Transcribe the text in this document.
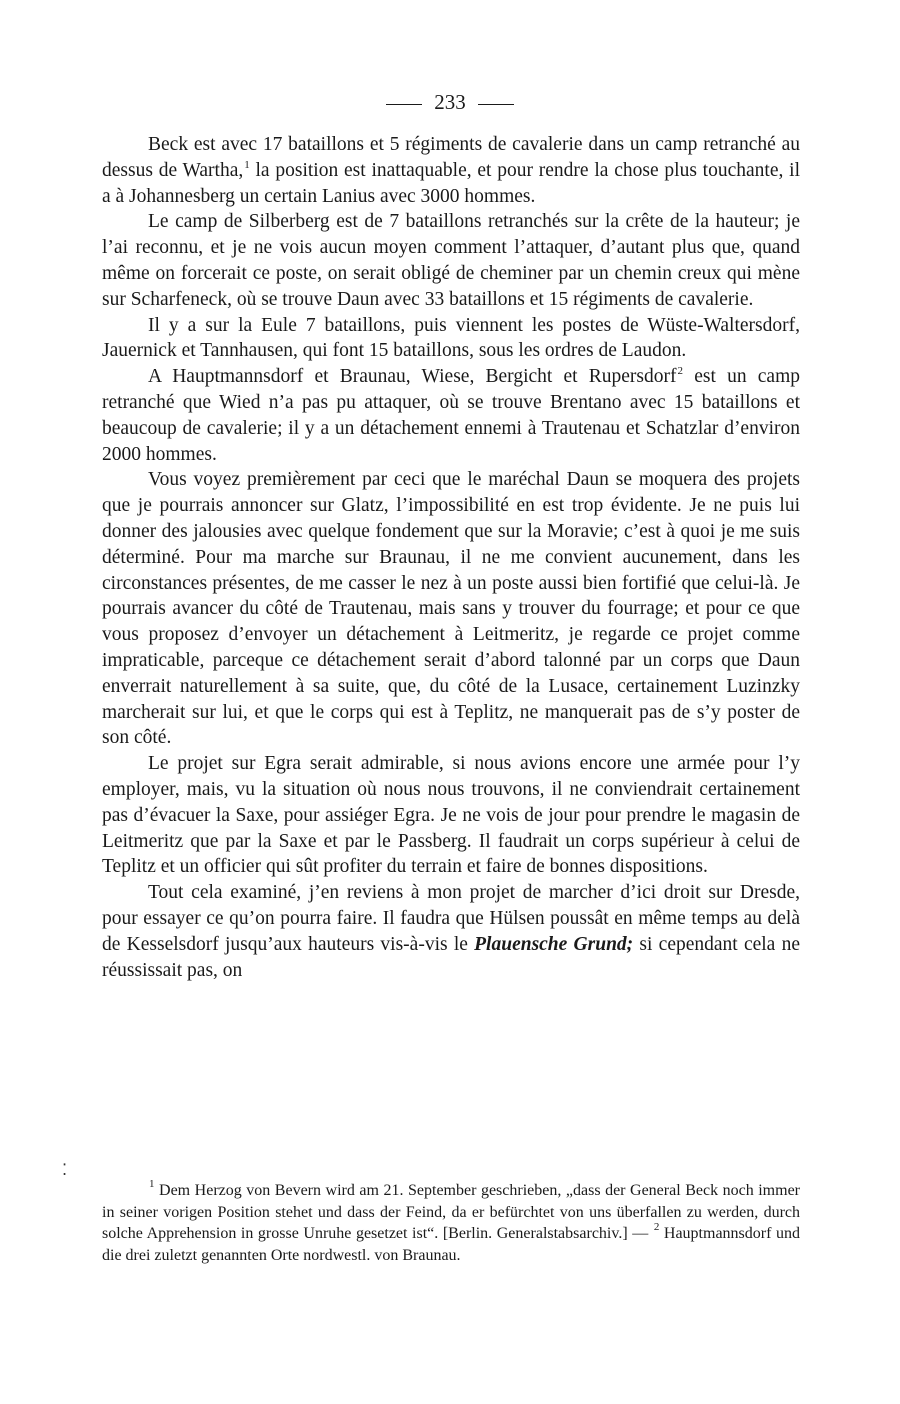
233

Beck est avec 17 bataillons et 5 régiments de cavalerie dans un camp retranché au dessus de Wartha,$^1$ la position est inattaquable, et pour rendre la chose plus touchante, il a à Johannesberg un certain Lanius avec 3000 hommes.

Le camp de Silberberg est de 7 bataillons retranchés sur la crête de la hauteur; je l’ai reconnu, et je ne vois aucun moyen comment l’attaquer, d’autant plus que, quand même on forcerait ce poste, on serait obligé de cheminer par un chemin creux qui mène sur Scharfeneck, où se trouve Daun avec 33 bataillons et 15 régiments de cavalerie.

Il y a sur la Eule 7 bataillons, puis viennent les postes de Wüste-Waltersdorf, Jauernick et Tannhausen, qui font 15 bataillons, sous les ordres de Laudon.

A Hauptmannsdorf et Braunau, Wiese, Bergicht et Rupersdorf$^2$ est un camp retranché que Wied n’a pas pu attaquer, où se trouve Brentano avec 15 bataillons et beaucoup de cavalerie; il y a un détachement ennemi à Trautenau et Schatzlar d’environ 2000 hommes.

Vous voyez premièrement par ceci que le maréchal Daun se moquera des projets que je pourrais annoncer sur Glatz, l’impossibilité en est trop évidente. Je ne puis lui donner des jalousies avec quelque fondement que sur la Moravie; c’est à quoi je me suis déterminé. Pour ma marche sur Braunau, il ne me convient aucunement, dans les circonstances présentes, de me casser le nez à un poste aussi bien fortifié que celui-là. Je pourrais avancer du côté de Trautenau, mais sans y trouver du fourrage; et pour ce que vous proposez d’envoyer un détachement à Leitmeritz, je regarde ce projet comme impraticable, parceque ce détachement serait d’abord talonné par un corps que Daun enverrait naturellement à sa suite, que, du côté de la Lusace, certainement Luzinzky marcherait sur lui, et que le corps qui est à Teplitz, ne manquerait pas de s’y poster de son côté.

Le projet sur Egra serait admirable, si nous avions encore une armée pour l’y employer, mais, vu la situation où nous nous trouvons, il ne conviendrait certainement pas d’évacuer la Saxe, pour assiéger Egra. Je ne vois de jour pour prendre le magasin de Leitmeritz que par la Saxe et par le Passberg. Il faudrait un corps supérieur à celui de Teplitz et un officier qui sût profiter du terrain et faire de bonnes dispositions.

Tout cela examiné, j’en reviens à mon projet de marcher d’ici droit sur Dresde, pour essayer ce qu’on pourra faire. Il faudra que Hülsen poussât en même temps au delà de Kesselsdorf jusqu’aux hauteurs vis-à-vis le Plauensche Grund; si cependant cela ne réussissait pas, on

⁚

$^1$ Dem Herzog von Bevern wird am 21. September geschrieben, „dass der General Beck noch immer in seiner vorigen Position stehet und dass der Feind, da er befürchtet von uns überfallen zu werden, durch solche Apprehension in grosse Unruhe gesetzet ist“. [Berlin. Generalstabsarchiv.] — $^2$ Hauptmannsdorf und die drei zuletzt genannten Orte nordwestl. von Braunau.
